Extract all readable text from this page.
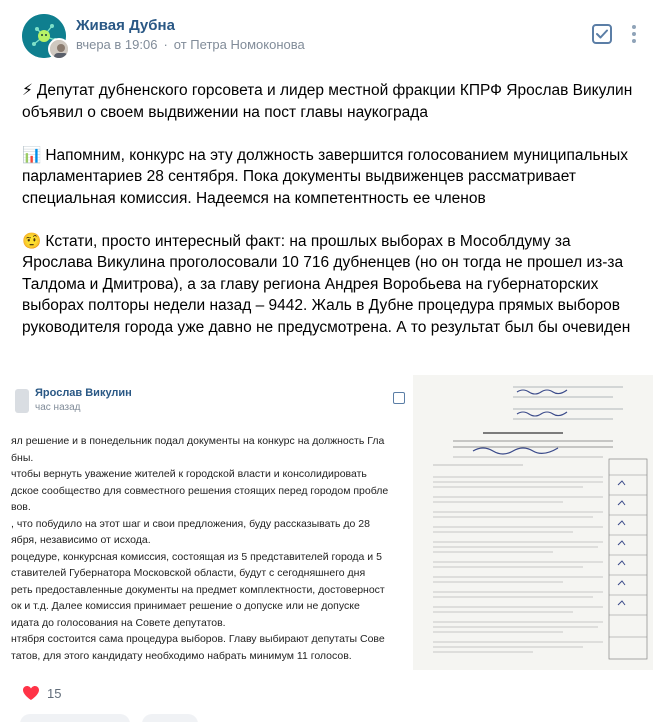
Живая Дубна
вчера в 19:06 · от Петра Номоконова

⚡ Депутат дубненского горсовета и лидер местной фракции КПРФ Ярослав Викулин объявил о своем выдвижении на пост главы наукограда

📊 Напомним, конкурс на эту должность завершится голосованием муниципальных парламентариев 28 сентября. Пока документы выдвиженцев рассматривает специальная комиссия. Надеемся на компетентность ее членов

🤨 Кстати, просто интересный факт: на прошлых выборах в Мособлдуму за Ярослава Викулина проголосовали 10 716 дубненцев (но он тогда не прошел из-за Талдома и Дмитрова), а за главу региона Андрея Воробьева на губернаторских выборах полторы недели назад – 9442. Жаль в Дубне процедура прямых выборов руководителя города уже давно не предусмотрена. А то результат был бы очевиден

Ярослав Викулин
час назад
ял решение и в понедельник подал документы на конкурс на должность Гла
бны.
чтобы вернуть уважение жителей к городской власти и консолидировать
дское сообщество для совместного решения стоящих перед городом пробле
вов.
, что побудило на этот шаг и свои предложения, буду рассказывать до 28
ября, независимо от исхода.
роцедуре, конкурсная комиссия, состоящая из 5 представителей города и 5
ставителей Губернатора Московской области, будут с сегодняшнего дня
реть предоставленные документы на предмет комплектности, достоверност
ок и т.д. Далее комиссия принимает решение о допуске или не допуске
идата до голосования на Совете депутатов.
нтября состоится сама процедура выборов. Главу выбирают депутаты Сове
татов, для этого кандидату необходимо набрать минимум 11 голосов.
15
